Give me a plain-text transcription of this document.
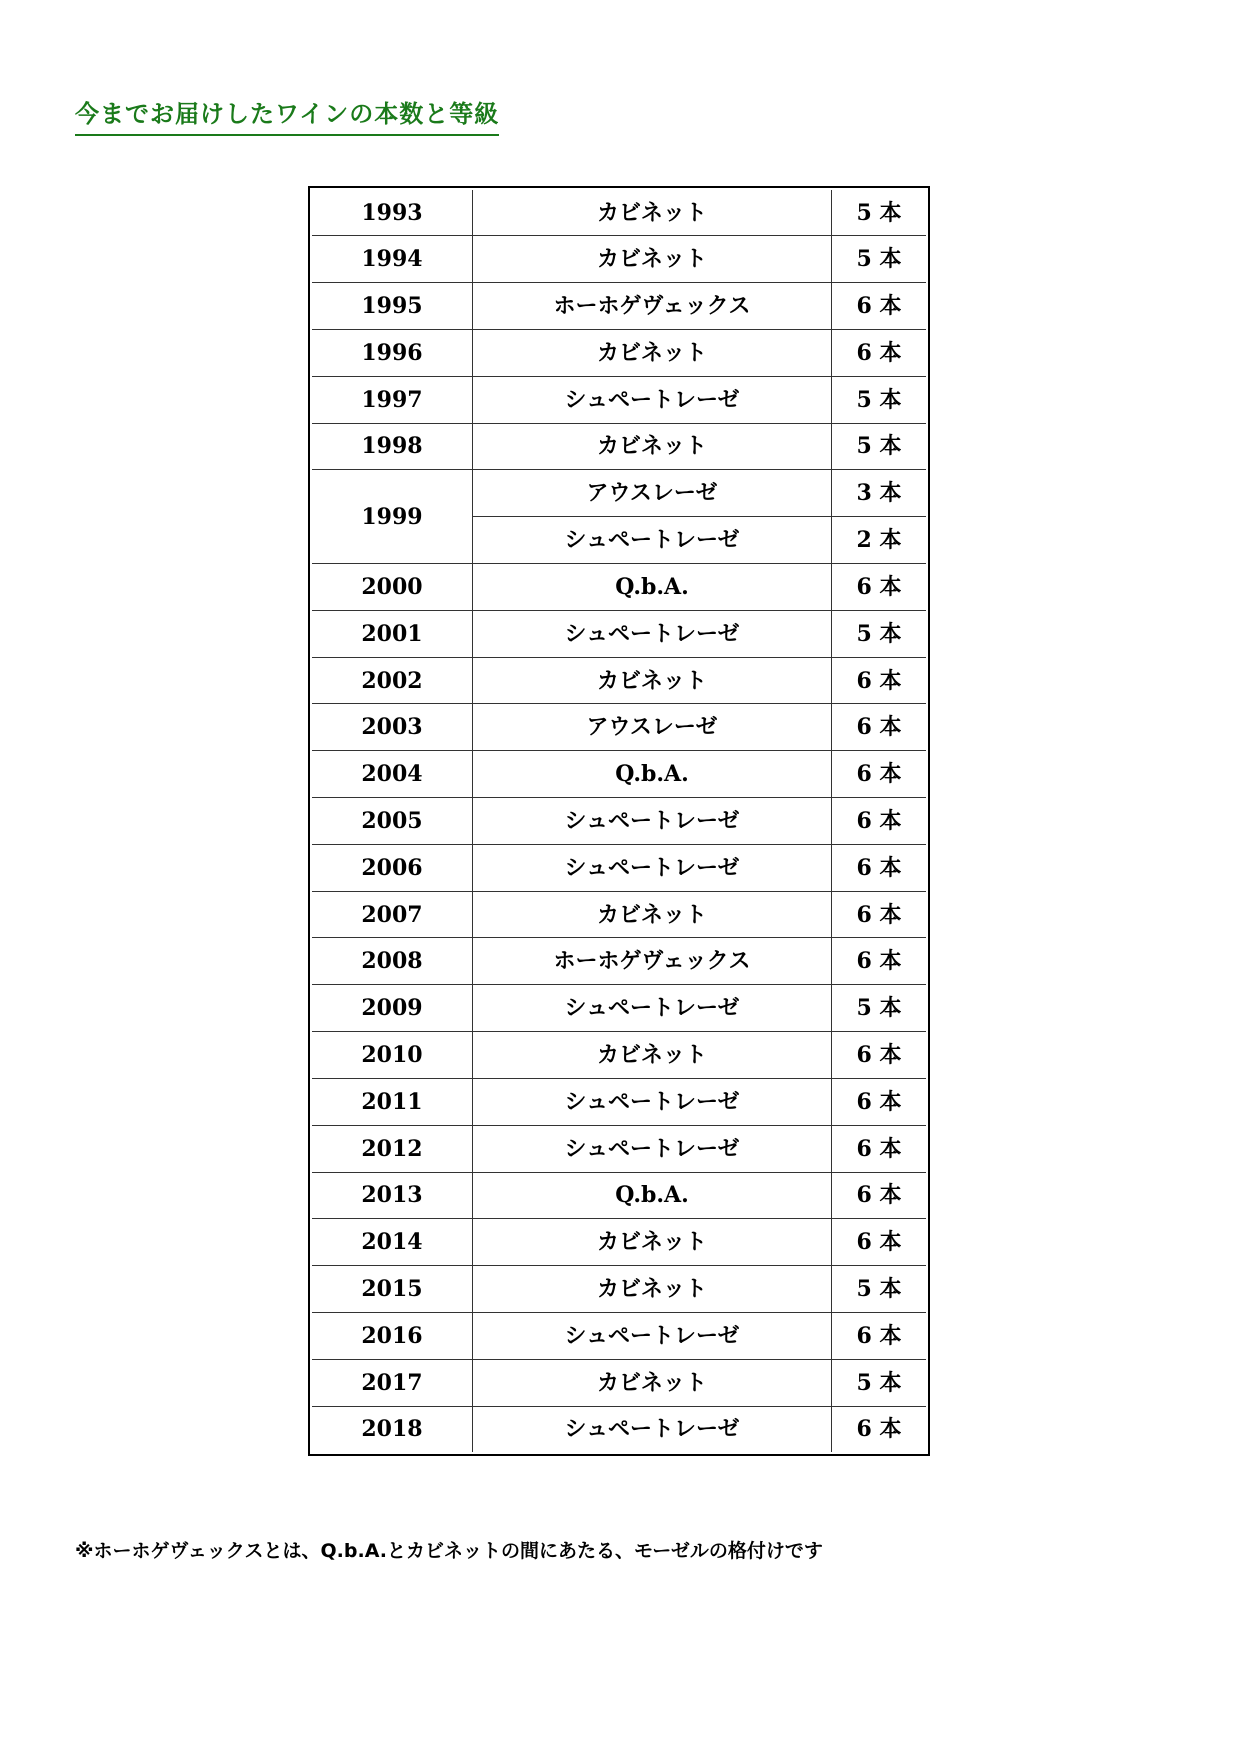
今までお届けしたワインの本数と等級
1993	カビネット	5 本
1994	カビネット	5 本
1995	ホーホゲヴェックス	6 本
1996	カビネット	6 本
1997	シュペートレーゼ	5 本
1998	カビネット	5 本
1999	アウスレーゼ	3 本
	シュペートレーゼ	2 本
2000	Q.b.A.	6 本
2001	シュペートレーゼ	5 本
2002	カビネット	6 本
2003	アウスレーゼ	6 本
2004	Q.b.A.	6 本
2005	シュペートレーゼ	6 本
2006	シュペートレーゼ	6 本
2007	カビネット	6 本
2008	ホーホゲヴェックス	6 本
2009	シュペートレーゼ	5 本
2010	カビネット	6 本
2011	シュペートレーゼ	6 本
2012	シュペートレーゼ	6 本
2013	Q.b.A.	6 本
2014	カビネット	6 本
2015	カビネット	5 本
2016	シュペートレーゼ	6 本
2017	カビネット	5 本
2018	シュペートレーゼ	6 本
※ホーホゲヴェックスとは、Q.b.A.とカビネットの間にあたる、モーゼルの格付けです
